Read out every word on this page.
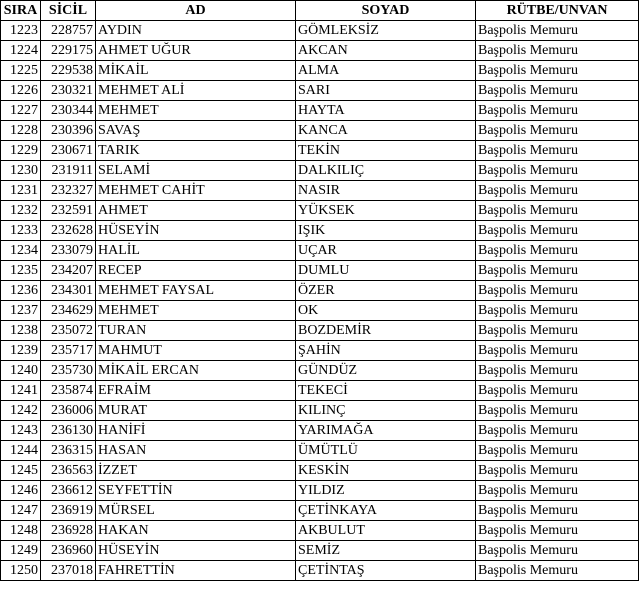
SIRA	SİCİL	AD	SOYAD	RÜTBE/UNVAN
1223	228757	AYDIN	GÖMLEKSİZ	Başpolis Memuru
1224	229175	AHMET UĞUR	AKCAN	Başpolis Memuru
1225	229538	MİKAİL	ALMA	Başpolis Memuru
1226	230321	MEHMET ALİ	SARI	Başpolis Memuru
1227	230344	MEHMET	HAYTA	Başpolis Memuru
1228	230396	SAVAŞ	KANCA	Başpolis Memuru
1229	230671	TARIK	TEKİN	Başpolis Memuru
1230	231911	SELAMİ	DALKILIÇ	Başpolis Memuru
1231	232327	MEHMET CAHİT	NASIR	Başpolis Memuru
1232	232591	AHMET	YÜKSEK	Başpolis Memuru
1233	232628	HÜSEYİN	IŞIK	Başpolis Memuru
1234	233079	HALİL	UÇAR	Başpolis Memuru
1235	234207	RECEP	DUMLU	Başpolis Memuru
1236	234301	MEHMET FAYSAL	ÖZER	Başpolis Memuru
1237	234629	MEHMET	OK	Başpolis Memuru
1238	235072	TURAN	BOZDEMİR	Başpolis Memuru
1239	235717	MAHMUT	ŞAHİN	Başpolis Memuru
1240	235730	MİKAİL ERCAN	GÜNDÜZ	Başpolis Memuru
1241	235874	EFRAİM	TEKECİ	Başpolis Memuru
1242	236006	MURAT	KILINÇ	Başpolis Memuru
1243	236130	HANİFİ	YARIMAĞA	Başpolis Memuru
1244	236315	HASAN	ÜMÜTLÜ	Başpolis Memuru
1245	236563	İZZET	KESKİN	Başpolis Memuru
1246	236612	SEYFETTİN	YILDIZ	Başpolis Memuru
1247	236919	MÜRSEL	ÇETİNKAYA	Başpolis Memuru
1248	236928	HAKAN	AKBULUT	Başpolis Memuru
1249	236960	HÜSEYİN	SEMİZ	Başpolis Memuru
1250	237018	FAHRETTİN	ÇETİNTAŞ	Başpolis Memuru
